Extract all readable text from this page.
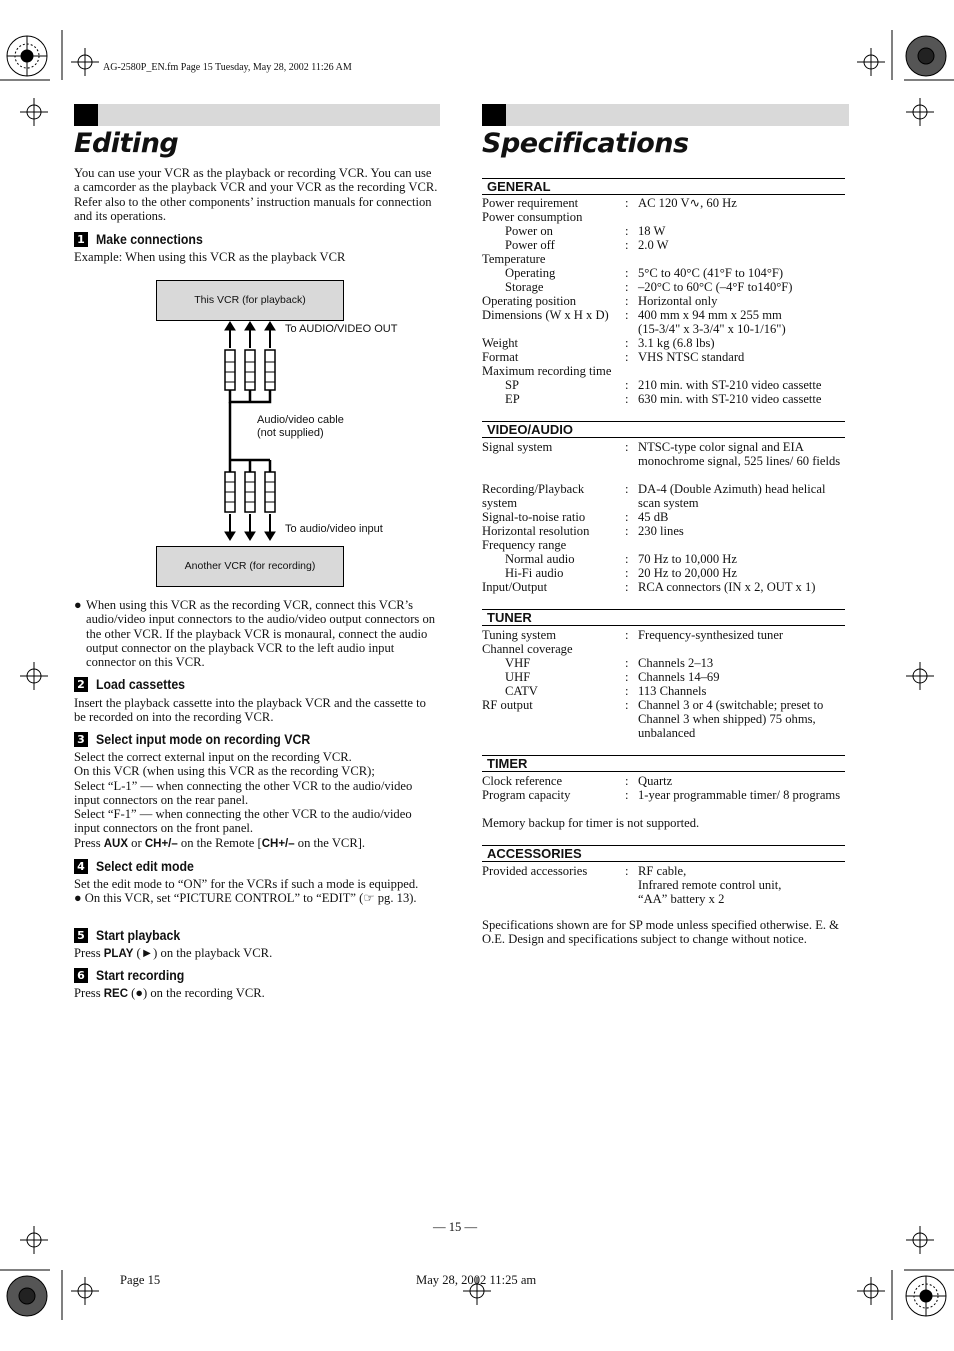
AG-2580P_EN.fm Page 15 Tuesday, May 28, 2002 11:26 AM
Editing
You can use your VCR as the playback or recording VCR. You can use a camcorder as the playback VCR and your VCR as the recording VCR. Refer also to the other components’ instruction manuals for connection and its operations.
1 Make connections
Example: When using this VCR as the playback VCR
This VCR (for playback)
Another VCR (for recording)
To AUDIO/VIDEO OUT
Audio/video cable
(not supplied)
To audio/video input
● When using this VCR as the recording VCR, connect this VCR’s audio/video input connectors to the audio/video output connectors on the other VCR. If the playback VCR is monaural, connect the audio output connector on the playback VCR to the left audio input connector on this VCR.
2 Load cassettes
Insert the playback cassette into the playback VCR and the cassette to be recorded on into the recording VCR.
3 Select input mode on recording VCR
Select the correct external input on the recording VCR.
On this VCR (when using this VCR as the recording VCR);
Select “L-1” — when connecting the other VCR to the audio/video input connectors on the rear panel.
Select “F-1” — when connecting the other VCR to the audio/video input connectors on the front panel.
Press AUX or CH+/– on the Remote [CH+/– on the VCR].
4 Select edit mode
Set the edit mode to “ON” for the VCRs if such a mode is equipped.
● On this VCR, set “PICTURE CONTROL” to “EDIT” (☞ pg. 13).
5 Start playback
Press PLAY (►) on the playback VCR.
6 Start recording
Press REC (●) on the recording VCR.
Specifications
GENERAL
Power requirement	: AC 120 V∿, 60 Hz
Power consumption
Power on	: 18 W
Power off	: 2.0 W
Temperature
Operating	: 5°C to 40°C (41°F to 104°F)
Storage	: –20°C to 60°C (–4°F to140°F)
Operating position	: Horizontal only
Dimensions (W x H x D) : 400 mm x 94 mm x 255 mm
(15-3/4" x 3-3/4" x 10-1/16")
Weight	: 3.1 kg (6.8 lbs)
Format	: VHS NTSC standard
Maximum recording time
SP	: 210 min. with ST-210 video cassette
EP	: 630 min. with ST-210 video cassette
VIDEO/AUDIO
Signal system	: NTSC-type color signal and EIA monochrome signal, 525 lines/ 60 fields
Recording/Playback system
: DA-4 (Double Azimuth) head helical scan system
Signal-to-noise ratio	: 45 dB
Horizontal resolution	: 230 lines
Frequency range
Normal audio	: 70 Hz to 10,000 Hz
Hi-Fi audio	: 20 Hz to 20,000 Hz
Input/Output	: RCA connectors (IN x 2, OUT x 1)
TUNER
Tuning system	: Frequency-synthesized tuner
Channel coverage
VHF	: Channels 2–13
UHF	: Channels 14–69
CATV	: 113 Channels
RF output	: Channel 3 or 4 (switchable; preset to Channel 3 when shipped) 75 ohms, unbalanced
TIMER
Clock reference	: Quartz
Program capacity	: 1-year programmable timer/ 8 programs
Memory backup for timer is not supported.
ACCESSORIES
Provided accessories	: RF cable,
Infrared remote control unit,
“AA” battery x 2
Specifications shown are for SP mode unless specified otherwise. E. & O.E. Design and specifications subject to change without notice.
— 15 —
Page 15	May 28, 2002 11:25 am
